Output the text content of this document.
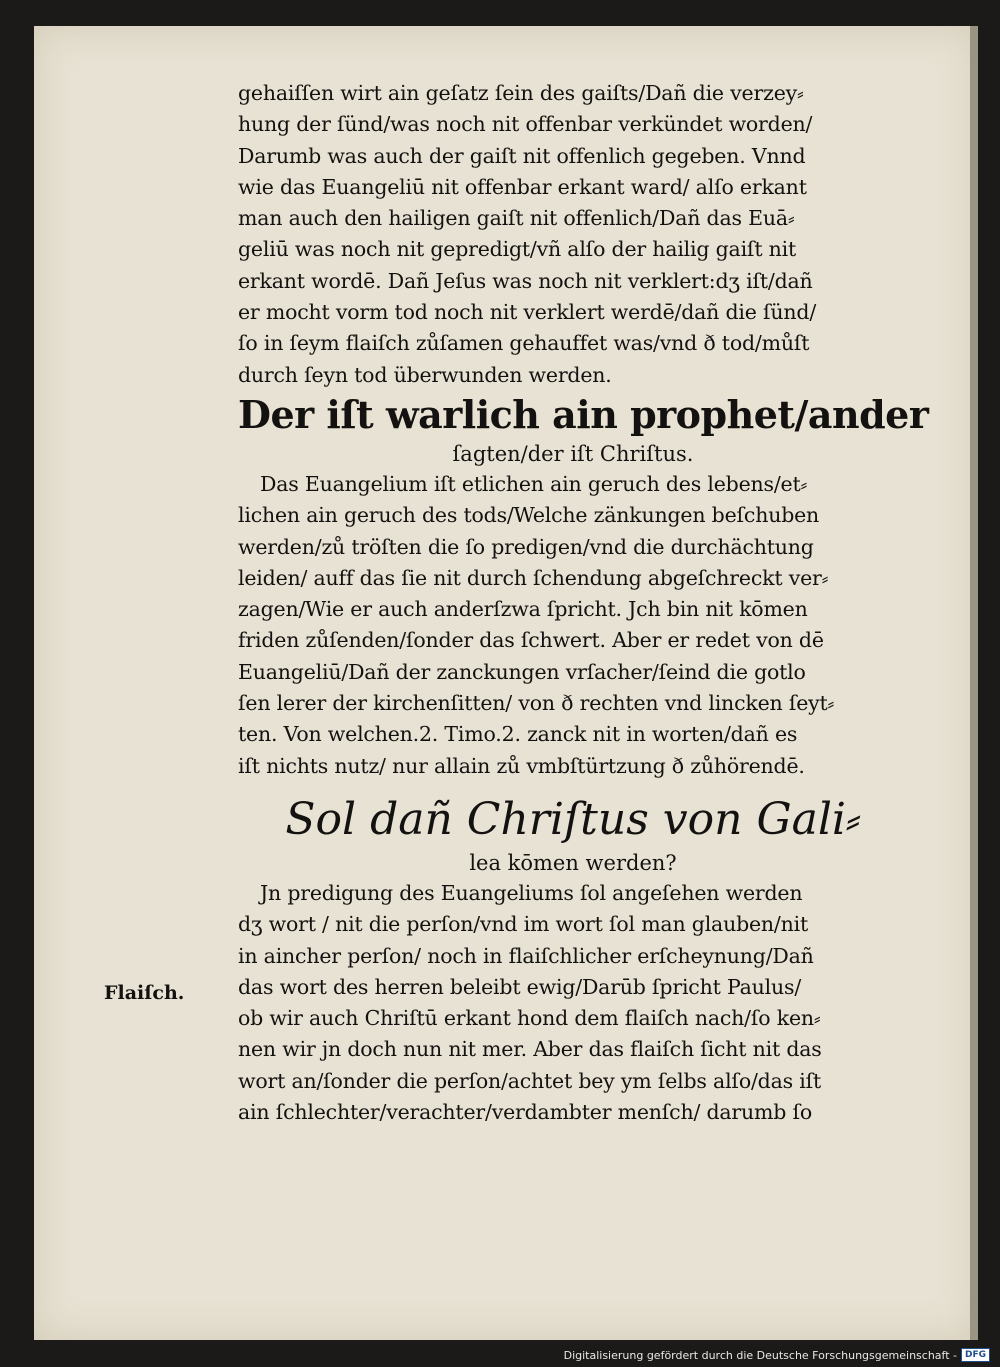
Flaiſch.
gehaiſſen wirt ain geſatz ſein des gaiſts/Dañ die verzey⸗
hung der ſünd/was noch nit offenbar verkündet worden/
Darumb was auch der gaiſt nit offenlich gegeben. Vnnd
wie das Euangeliū nit offenbar erkant ward/ alſo erkant
man auch den hailigen gaiſt nit offenlich/Dañ das Euā⸗
geliū was noch nit gepredigt/vñ alſo der hailig gaiſt nit
erkant wordē. Dañ Jeſus was noch nit verklert:dʒ iſt/dañ
er mocht vorm tod noch nit verklert werdē/dañ die ſünd/
ſo in ſeym flaiſch zůſamen gehauffet was/vnd ð tod/můſt
durch ſeyn tod überwunden werden.
Der iſt warlich ain prophet/ander
ſagten/der iſt Chriſtus.
Das Euangelium iſt etlichen ain geruch des lebens/et⸗
lichen ain geruch des tods/Welche zänkungen beſchuben
werden/zů tröſten die ſo predigen/vnd die durchächtung
leiden/ auff das ſie nit durch ſchendung abgeſchreckt ver⸗
zagen/Wie er auch anderſzwa ſpricht. Jch bin nit kōmen
friden zůſenden/ſonder das ſchwert. Aber er redet von dē
Euangeliū/Dañ der zanckungen vrſacher/ſeind die gotlo
ſen lerer der kirchenſitten/ von ð rechten vnd lincken ſeyt⸗
ten. Von welchen.2. Timo.2. zanck nit in worten/dañ es
iſt nichts nutz/ nur allain zů vmbſtürtzung ð zůhörendē.
Sol dañ Chriſtus von Gali⸗
lea kōmen werden?
Jn predigung des Euangeliums ſol angeſehen werden
dʒ wort / nit die perſon/vnd im wort ſol man glauben/nit
in aincher perſon/ noch in flaiſchlicher erſcheynung/Dañ
das wort des herren beleibt ewig/Darūb ſpricht Paulus/
ob wir auch Chriſtū erkant hond dem flaiſch nach/ſo ken⸗
nen wir jn doch nun nit mer. Aber das flaiſch ſicht nit das
wort an/ſonder die perſon/achtet bey ym ſelbs alſo/das iſt
ain ſchlechter/verachter/verdambter menſch/ darumb ſo
Digitalisierung gefördert durch die Deutsche Forschungsgemeinschaft - DFG
